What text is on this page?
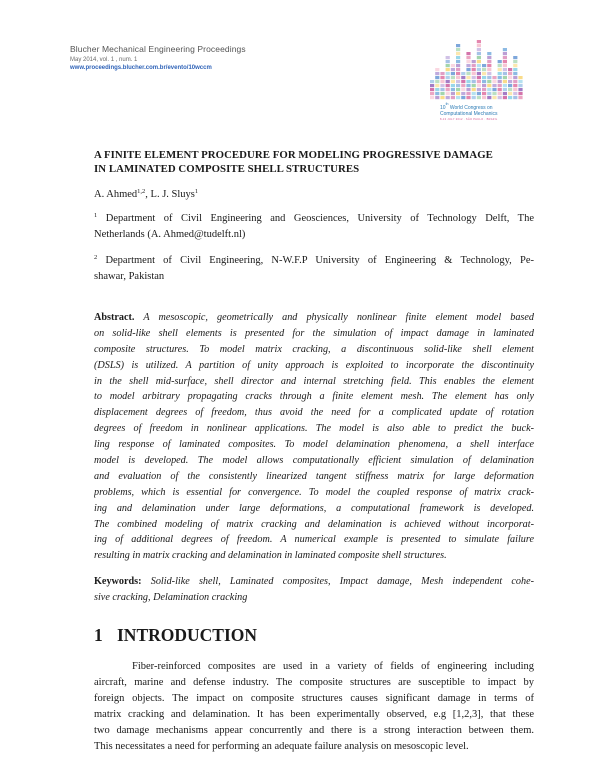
Blucher Mechanical Engineering Proceedings
May 2014, vol. 1 , num. 1
www.proceedings.blucher.com.br/evento/10wccm
10th World Congress on
Computational Mechanics
8-13 JULY 2012 · SÃO PAULO · BRAZIL
A FINITE ELEMENT PROCEDURE FOR MODELING PROGRESSIVE DAMAGE
IN LAMINATED COMPOSITE SHELL STRUCTURES
A. Ahmed$^{1,2}$, L. J. Sluys$^1$
$^1$ Department of Civil Engineering and Geosciences, University of Technology Delft, The
Netherlands (A. Ahmed@tudelft.nl)
$^2$ Department of Civil Engineering, N-W.F.P University of Engineering & Technology, Pe-
shawar, Pakistan
Abstract. A mesoscopic, geometrically and physically nonlinear finite element model based
on solid-like shell elements is presented for the simulation of impact damage in laminated
composite structures. To model matrix cracking, a discontinuous solid-like shell element
(DSLS) is utilized. A partition of unity approach is exploited to incorporate the discontinuity
in the shell mid-surface, shell director and internal stretching field. This enables the element
to model arbitrary propagating cracks through a finite element mesh. The element has only
displacement degrees of freedom, thus avoid the need for a complicated update of rotation
degrees of freedom in nonlinear applications. The model is also able to predict the buck-
ling response of laminated composites. To model delamination phenomena, a shell interface
model is developed. The model allows computationally efficient simulation of delamination
and evaluation of the consistently linearized tangent stiffness matrix for large deformation
problems, which is essential for convergence. To model the coupled response of matrix crack-
ing and delamination under large deformations, a computational framework is developed.
The combined modeling of matrix cracking and delamination is achieved without incorporat-
ing of additional degrees of freedom. A numerical example is presented to simulate failure
resulting in matrix cracking and delamination in laminated composite shell structures.
Keywords: Solid-like shell, Laminated composites, Impact damage, Mesh independent cohe-
sive cracking, Delamination cracking
1 INTRODUCTION
Fiber-reinforced composites are used in a variety of fields of engineering including
aircraft, marine and defense industry. The composite structures are susceptible to impact by
foreign objects. The impact on composite structures causes significant damage in terms of
matrix cracking and delamination. It has been experimentally observed, e.g [1,2,3], that these
two damage mechanisms appear concurrently and there is a strong interaction between them.
This necessitates a need for performing an adequate failure analysis on mesoscopic level.
